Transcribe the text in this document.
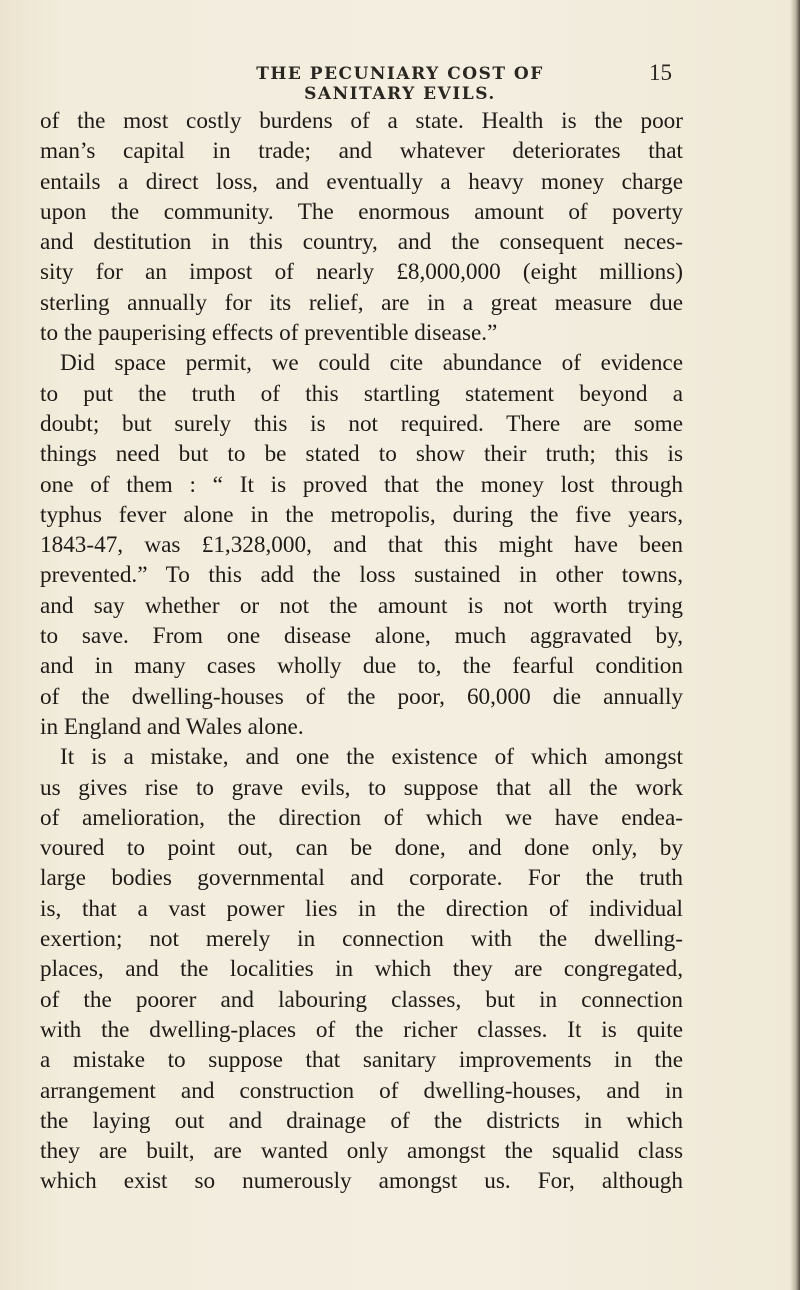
THE PECUNIARY COST OF SANITARY EVILS.
15
of the most costly burdens of a state. Health is the poor
man’s capital in trade; and whatever deteriorates that
entails a direct loss, and eventually a heavy money charge
upon the community. The enormous amount of poverty
and destitution in this country, and the consequent neces-
sity for an impost of nearly £8,000,000 (eight millions)
sterling annually for its relief, are in a great measure due
to the pauperising effects of preventible disease.”
Did space permit, we could cite abundance of evidence
to put the truth of this startling statement beyond a
doubt; but surely this is not required. There are some
things need but to be stated to show their truth; this is
one of them : “ It is proved that the money lost through
typhus fever alone in the metropolis, during the five years,
1843-47, was £1,328,000, and that this might have been
prevented.” To this add the loss sustained in other towns,
and say whether or not the amount is not worth trying
to save. From one disease alone, much aggravated by,
and in many cases wholly due to, the fearful condition
of the dwelling-houses of the poor, 60,000 die annually
in England and Wales alone.
It is a mistake, and one the existence of which amongst
us gives rise to grave evils, to suppose that all the work
of amelioration, the direction of which we have endea-
voured to point out, can be done, and done only, by
large bodies governmental and corporate. For the truth
is, that a vast power lies in the direction of individual
exertion; not merely in connection with the dwelling-
places, and the localities in which they are congregated,
of the poorer and labouring classes, but in connection
with the dwelling-places of the richer classes. It is quite
a mistake to suppose that sanitary improvements in the
arrangement and construction of dwelling-houses, and in
the laying out and drainage of the districts in which
they are built, are wanted only amongst the squalid class
which exist so numerously amongst us. For, although
